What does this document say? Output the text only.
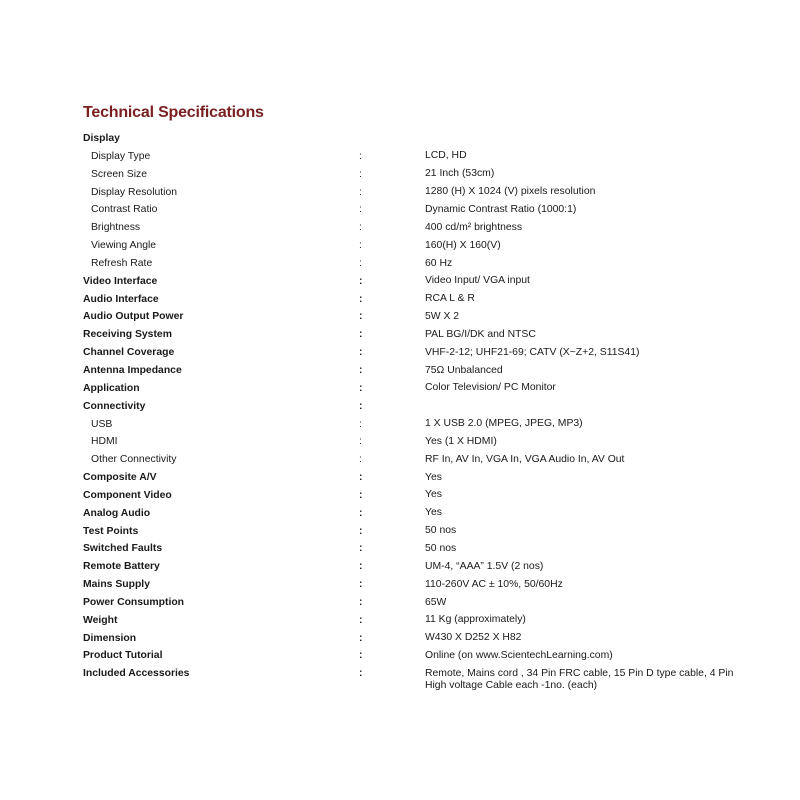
Technical Specifications
Display
Display Type	:	LCD, HD
Screen Size	:	21 Inch (53cm)
Display Resolution	:	1280 (H) X 1024 (V) pixels resolution
Contrast Ratio	:	Dynamic Contrast Ratio (1000:1)
Brightness	:	400 cd/m² brightness
Viewing Angle	:	160(H) X 160(V)
Refresh Rate	:	60 Hz
Video Interface	:	Video Input/ VGA input
Audio Interface	:	RCA L & R
Audio Output Power	:	5W X 2
Receiving System	:	PAL BG/I/DK and NTSC
Channel Coverage	:	VHF-2-12; UHF21-69; CATV (X~Z+2, S11S41)
Antenna Impedance	:	75Ω Unbalanced
Application	:	Color Television/ PC Monitor
Connectivity	:
USB	:	1 X USB 2.0 (MPEG, JPEG, MP3)
HDMI	:	Yes (1 X HDMI)
Other Connectivity	:	RF In, AV In, VGA In, VGA Audio In, AV Out
Composite A/V	:	Yes
Component Video	:	Yes
Analog Audio	:	Yes
Test Points	:	50 nos
Switched Faults	:	50 nos
Remote Battery	:	UM-4, “AAA” 1.5V (2 nos)
Mains Supply	:	110-260V AC ± 10%, 50/60Hz
Power Consumption	:	65W
Weight	:	11 Kg (approximately)
Dimension	:	W430 X D252 X H82
Product Tutorial	:	Online (on www.ScientechLearning.com)
Included Accessories	:	Remote, Mains cord , 34 Pin FRC cable, 15 Pin D type cable, 4 Pin High voltage Cable each -1no. (each)
